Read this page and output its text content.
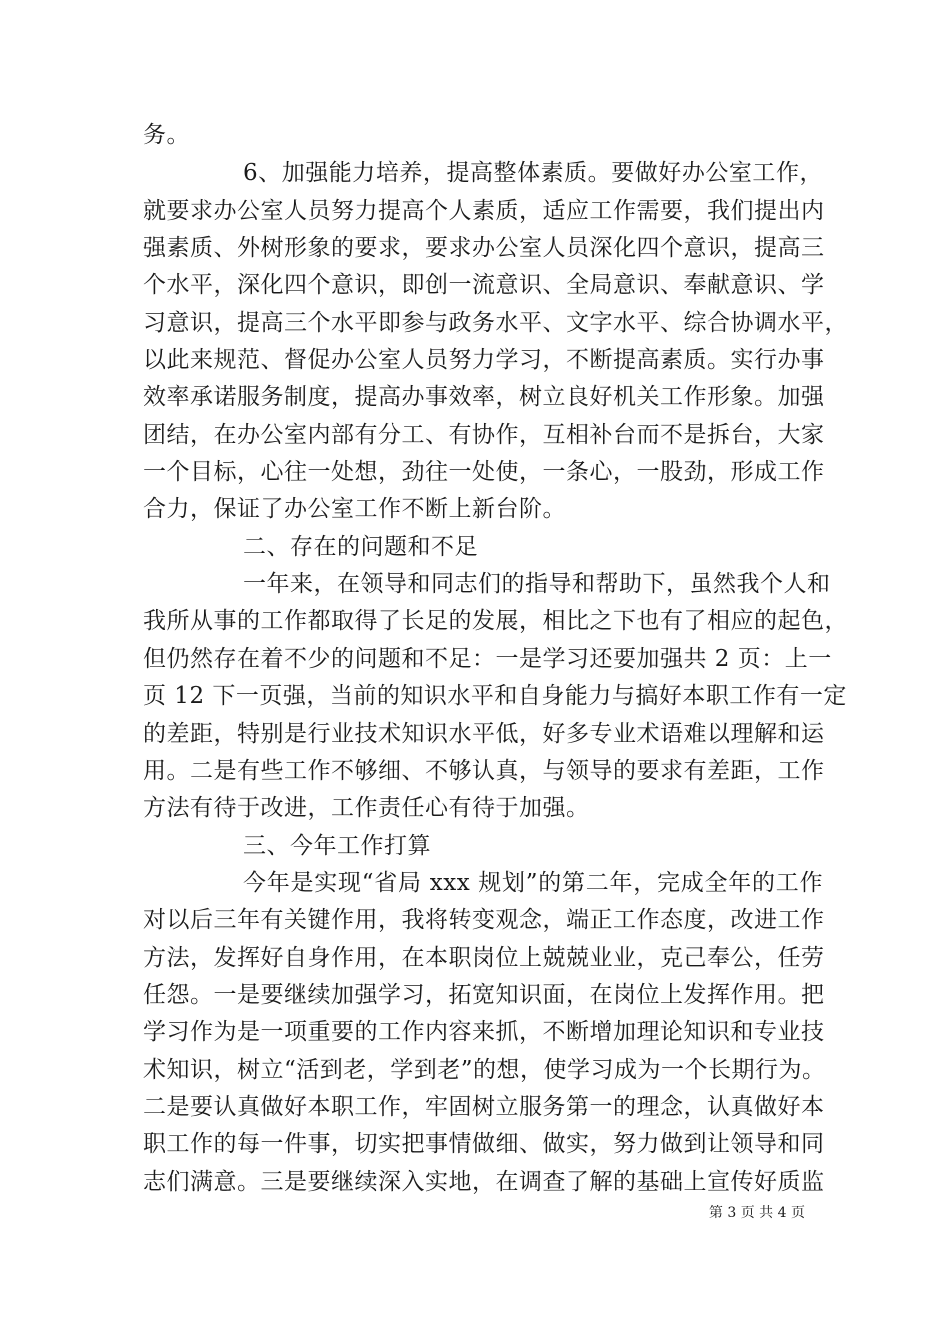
务。
6、加强能力培养，提高整体素质。要做好办公室工作，
就要求办公室人员努力提高个人素质，适应工作需要，我们提出内
强素质、外树形象的要求，要求办公室人员深化四个意识，提高三
个水平，深化四个意识，即创一流意识、全局意识、奉献意识、学
习意识，提高三个水平即参与政务水平、文字水平、综合协调水平，
以此来规范、督促办公室人员努力学习，不断提高素质。实行办事
效率承诺服务制度，提高办事效率，树立良好机关工作形象。加强
团结，在办公室内部有分工、有协作，互相补台而不是拆台，大家
一个目标，心往一处想，劲往一处使，一条心，一股劲，形成工作
合力，保证了办公室工作不断上新台阶。
二、存在的问题和不足
一年来，在领导和同志们的指导和帮助下，虽然我个人和
我所从事的工作都取得了长足的发展，相比之下也有了相应的起色，
但仍然存在着不少的问题和不足：一是学习还要加强共 2 页：上一
页 12 下一页强，当前的知识水平和自身能力与搞好本职工作有一定
的差距，特别是行业技术知识水平低，好多专业术语难以理解和运
用。二是有些工作不够细、不够认真，与领导的要求有差距，工作
方法有待于改进，工作责任心有待于加强。
三、今年工作打算
今年是实现“省局 xxx 规划”的第二年，完成全年的工作
对以后三年有关键作用，我将转变观念，端正工作态度，改进工作
方法，发挥好自身作用，在本职岗位上兢兢业业，克己奉公，任劳
任怨。一是要继续加强学习，拓宽知识面，在岗位上发挥作用。把
学习作为是一项重要的工作内容来抓，不断增加理论知识和专业技
术知识，树立“活到老，学到老”的想，使学习成为一个长期行为。
二是要认真做好本职工作，牢固树立服务第一的理念，认真做好本
职工作的每一件事，切实把事情做细、做实，努力做到让领导和同
志们满意。三是要继续深入实地，在调查了解的基础上宣传好质监
第 3 页 共 4 页
